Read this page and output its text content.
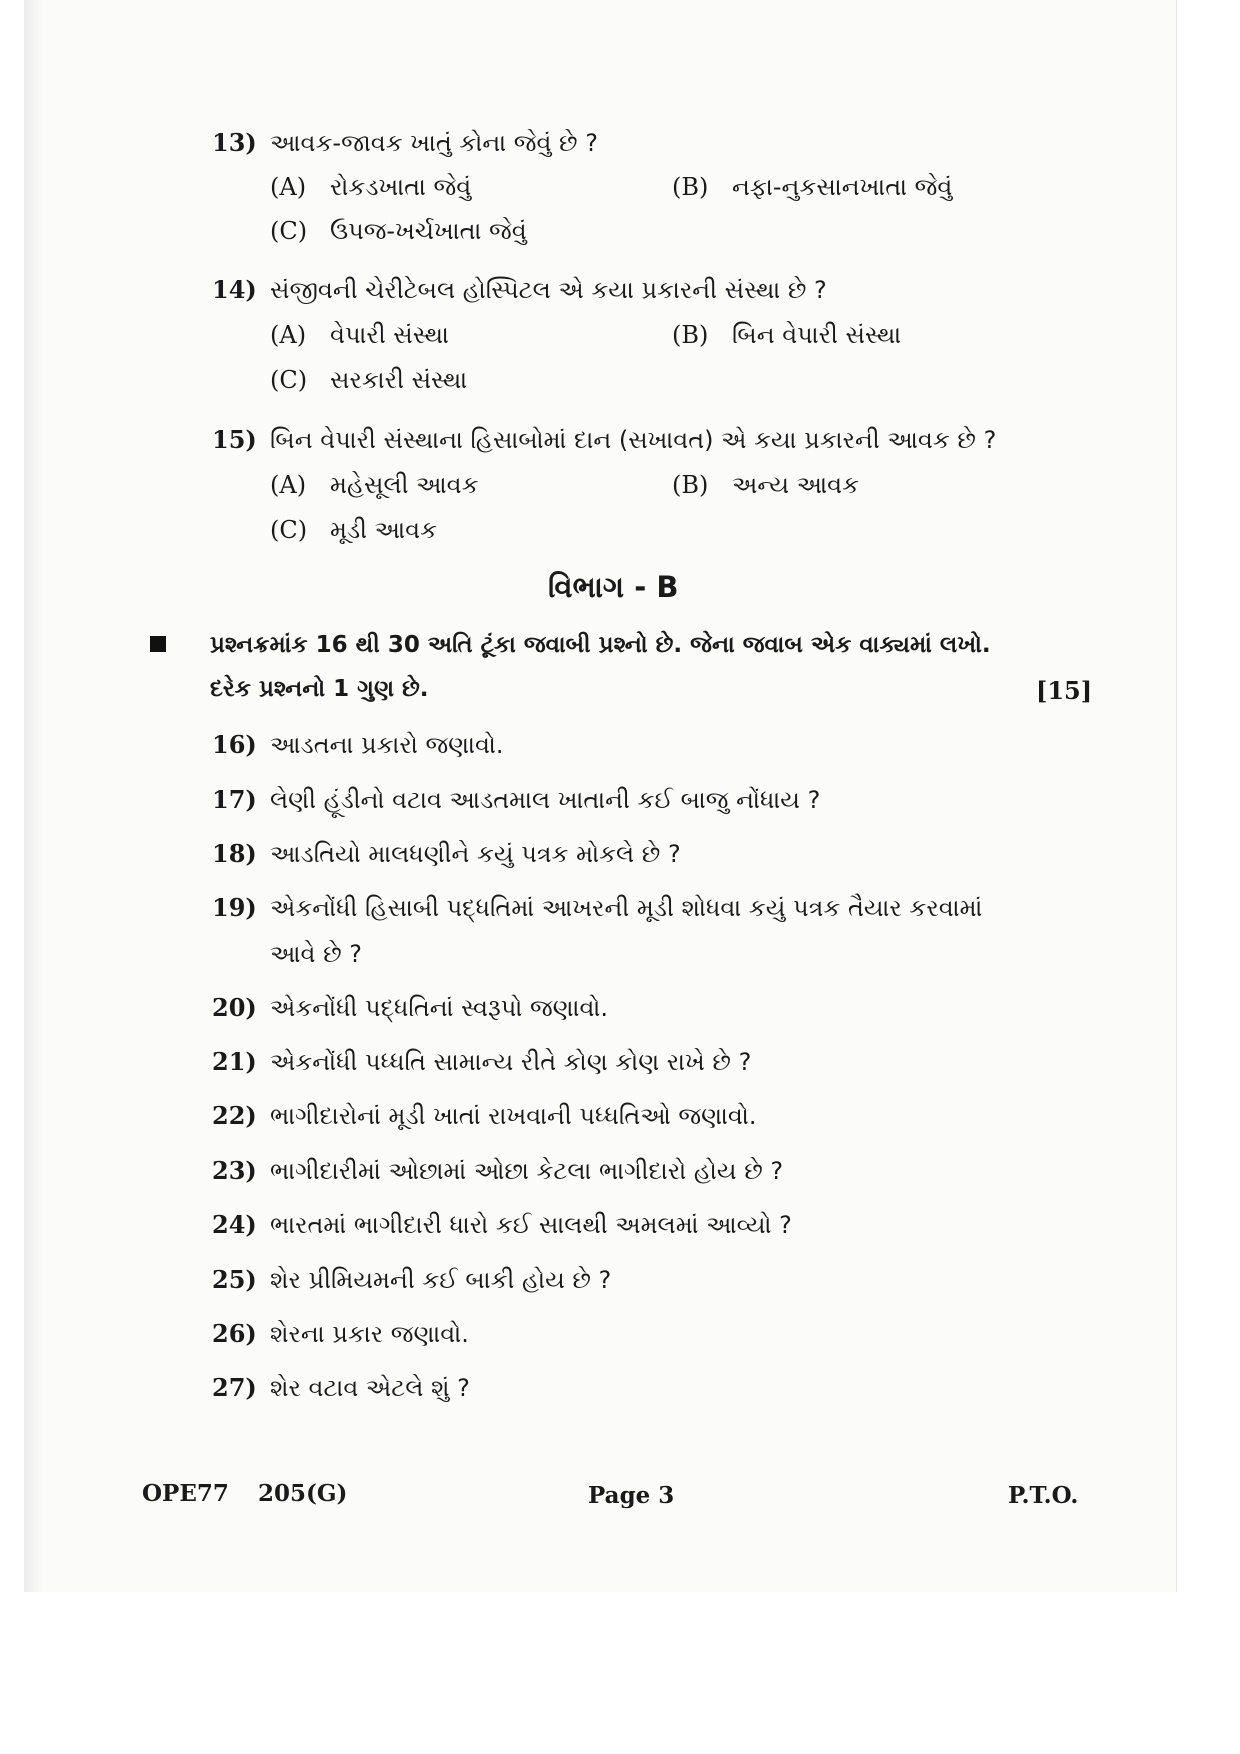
13) આવક-જાવક ખાતું કોના જેવું છે ?
(A) રોકડખાતા જેવું	(B) નફા-નુકસાનખાતા જેવું
(C) ઉપજ-ખર્ચખાતા જેવું
14) સંજીવની ચેરીટેબલ હોસ્પિટલ એ કયા પ્રકારની સંસ્થા છે ?
(A) વેપારી સંસ્થા	(B) બિન વેપારી સંસ્થા
(C) સરકારી સંસ્થા
15) બિન વેપારી સંસ્થાના હિસાબોમાં દાન (સખાવત) એ કયા પ્રકારની આવક છે ?
(A) મહેસૂલી આવક	(B) અન્ય આવક
(C) મૂડી આવક
વિભાગ - B
પ્રશ્નક્રમાંક 16 થી 30 અતિ ટૂંકા જવાબી પ્રશ્નો છે. જેના જવાબ એક વાક્યમાં લખો.
દરેક પ્રશ્નનો 1 ગુણ છે.	[15]
16) આડતના પ્રકારો જણાવો.
17) લેણી હૂંડીનો વટાવ આડતમાલ ખાતાની કઈ બાજુ નોંધાય ?
18) આડતિયો માલધણીને કયું પત્રક મોકલે છે ?
19) એકનોંધી હિસાબી પદ્ધતિમાં આખરની મૂડી શોધવા કયું પત્રક તૈયાર કરવામાં
આવે છે ?
20) એકનોંધી પદ્ધતિનાં સ્વરૂપો જણાવો.
21) એકનોંધી પધ્ધતિ સામાન્ય રીતે કોણ કોણ રાખે છે ?
22) ભાગીદારોનાં મૂડી ખાતાં રાખવાની પધ્ધતિઓ જણાવો.
23) ભાગીદારીમાં ઓછામાં ઓછા કેટલા ભાગીદારો હોય છે ?
24) ભારતમાં ભાગીદારી ધારો કઈ સાલથી અમલમાં આવ્યો ?
25) શેર પ્રીમિયમની કઈ બાકી હોય છે ?
26) શેરના પ્રકાર જણાવો.
27) શેર વટાવ એટલે શું ?
OPE77 205(G)	Page 3	P.T.O.
